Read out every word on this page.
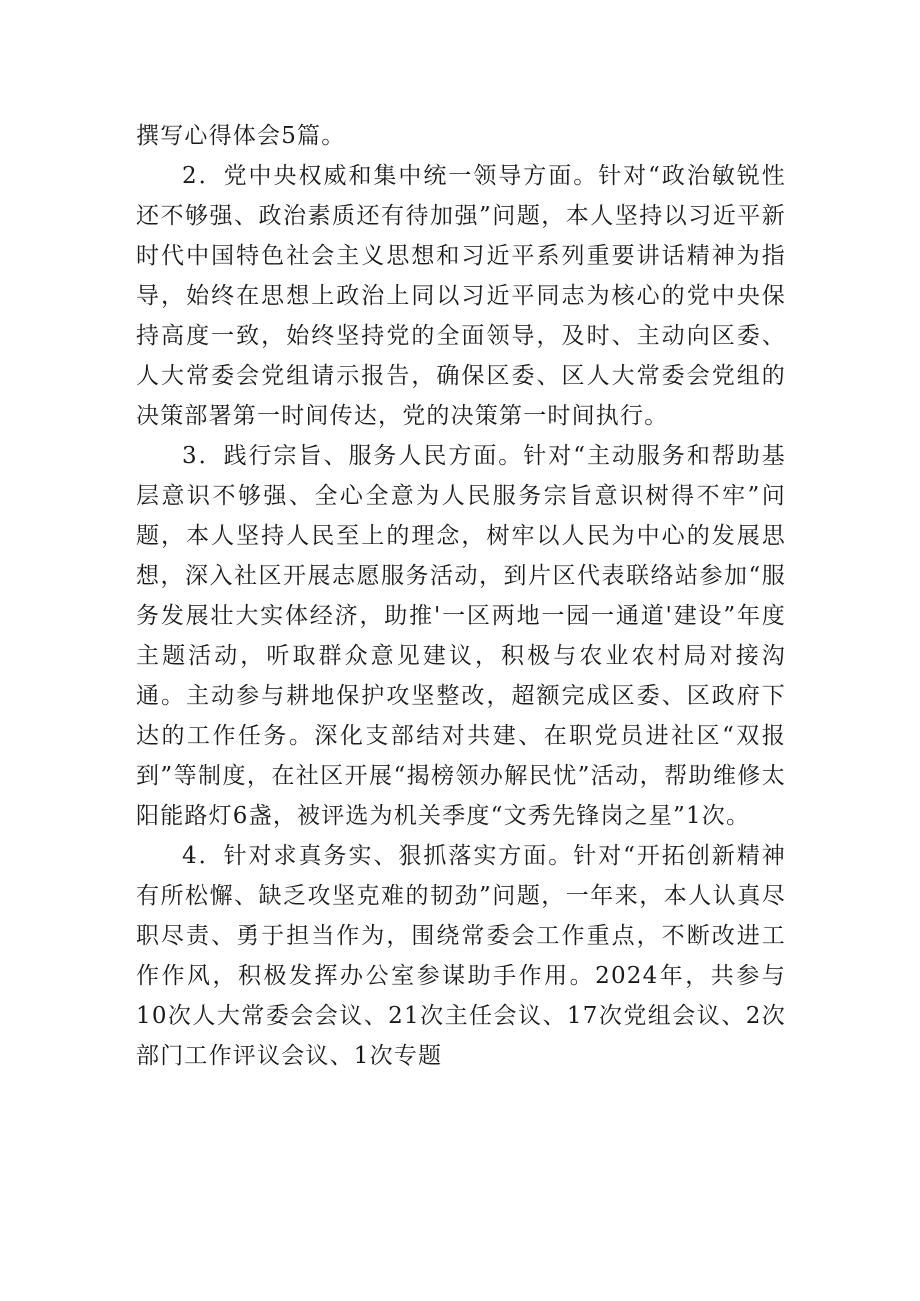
撰写心得体会5篇。

2．党中央权威和集中统一领导方面。针对“政治敏锐性还不够强、政治素质还有待加强”问题，本人坚持以习近平新时代中国特色社会主义思想和习近平系列重要讲话精神为指导，始终在思想上政治上同以习近平同志为核心的党中央保持高度一致，始终坚持党的全面领导，及时、主动向区委、人大常委会党组请示报告，确保区委、区人大常委会党组的决策部署第一时间传达，党的决策第一时间执行。

3．践行宗旨、服务人民方面。针对“主动服务和帮助基层意识不够强、全心全意为人民服务宗旨意识树得不牢”问题，本人坚持人民至上的理念，树牢以人民为中心的发展思想，深入社区开展志愿服务活动，到片区代表联络站参加“服务发展壮大实体经济，助推'一区两地一园一通道'建设”年度主题活动，听取群众意见建议，积极与农业农村局对接沟通。主动参与耕地保护攻坚整改，超额完成区委、区政府下达的工作任务。深化支部结对共建、在职党员进社区“双报到”等制度，在社区开展“揭榜领办解民忧”活动，帮助维修太阳能路灯6盏，被评选为机关季度“文秀先锋岗之星”1次。

4．针对求真务实、狠抓落实方面。针对“开拓创新精神有所松懈、缺乏攻坚克难的韧劲”问题，一年来，本人认真尽职尽责、勇于担当作为，围绕常委会工作重点，不断改进工作作风，积极发挥办公室参谋助手作用。2024年，共参与10次人大常委会会议、21次主任会议、17次党组会议、2次部门工作评议会议、1次专题
